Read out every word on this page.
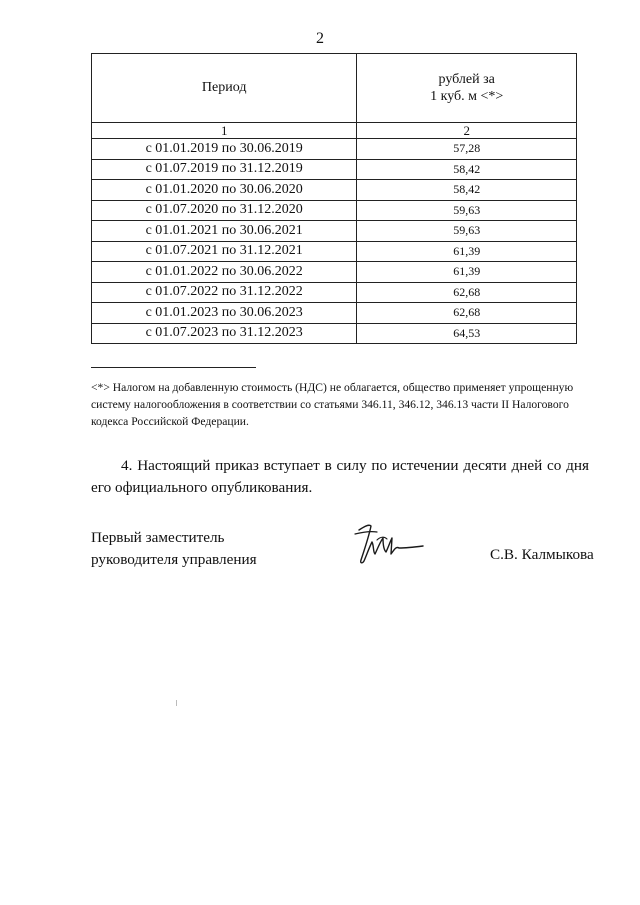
2
Период	рублей за
1 куб. м <*>

1	2
с 01.01.2019 по 30.06.2019	57,28
с 01.07.2019 по 31.12.2019	58,42
с 01.01.2020 по 30.06.2020	58,42
с 01.07.2020 по 31.12.2020	59,63
с 01.01.2021 по 30.06.2021	59,63
с 01.07.2021 по 31.12.2021	61,39
с 01.01.2022 по 30.06.2022	61,39
с 01.07.2022 по 31.12.2022	62,68
с 01.01.2023 по 30.06.2023	62,68
с 01.07.2023 по 31.12.2023	64,53
<*> Налогом на добавленную стоимость (НДС) не облагается, общество применяет упрощенную систему налогообложения в соответствии со статьями 346.11, 346.12, 346.13 части II Налогового кодекса Российской Федерации.
4. Настоящий приказ вступает в силу по истечении десяти дней со дня его официального опубликования.
Первый заместитель
руководителя управления	С.В. Калмыкова
